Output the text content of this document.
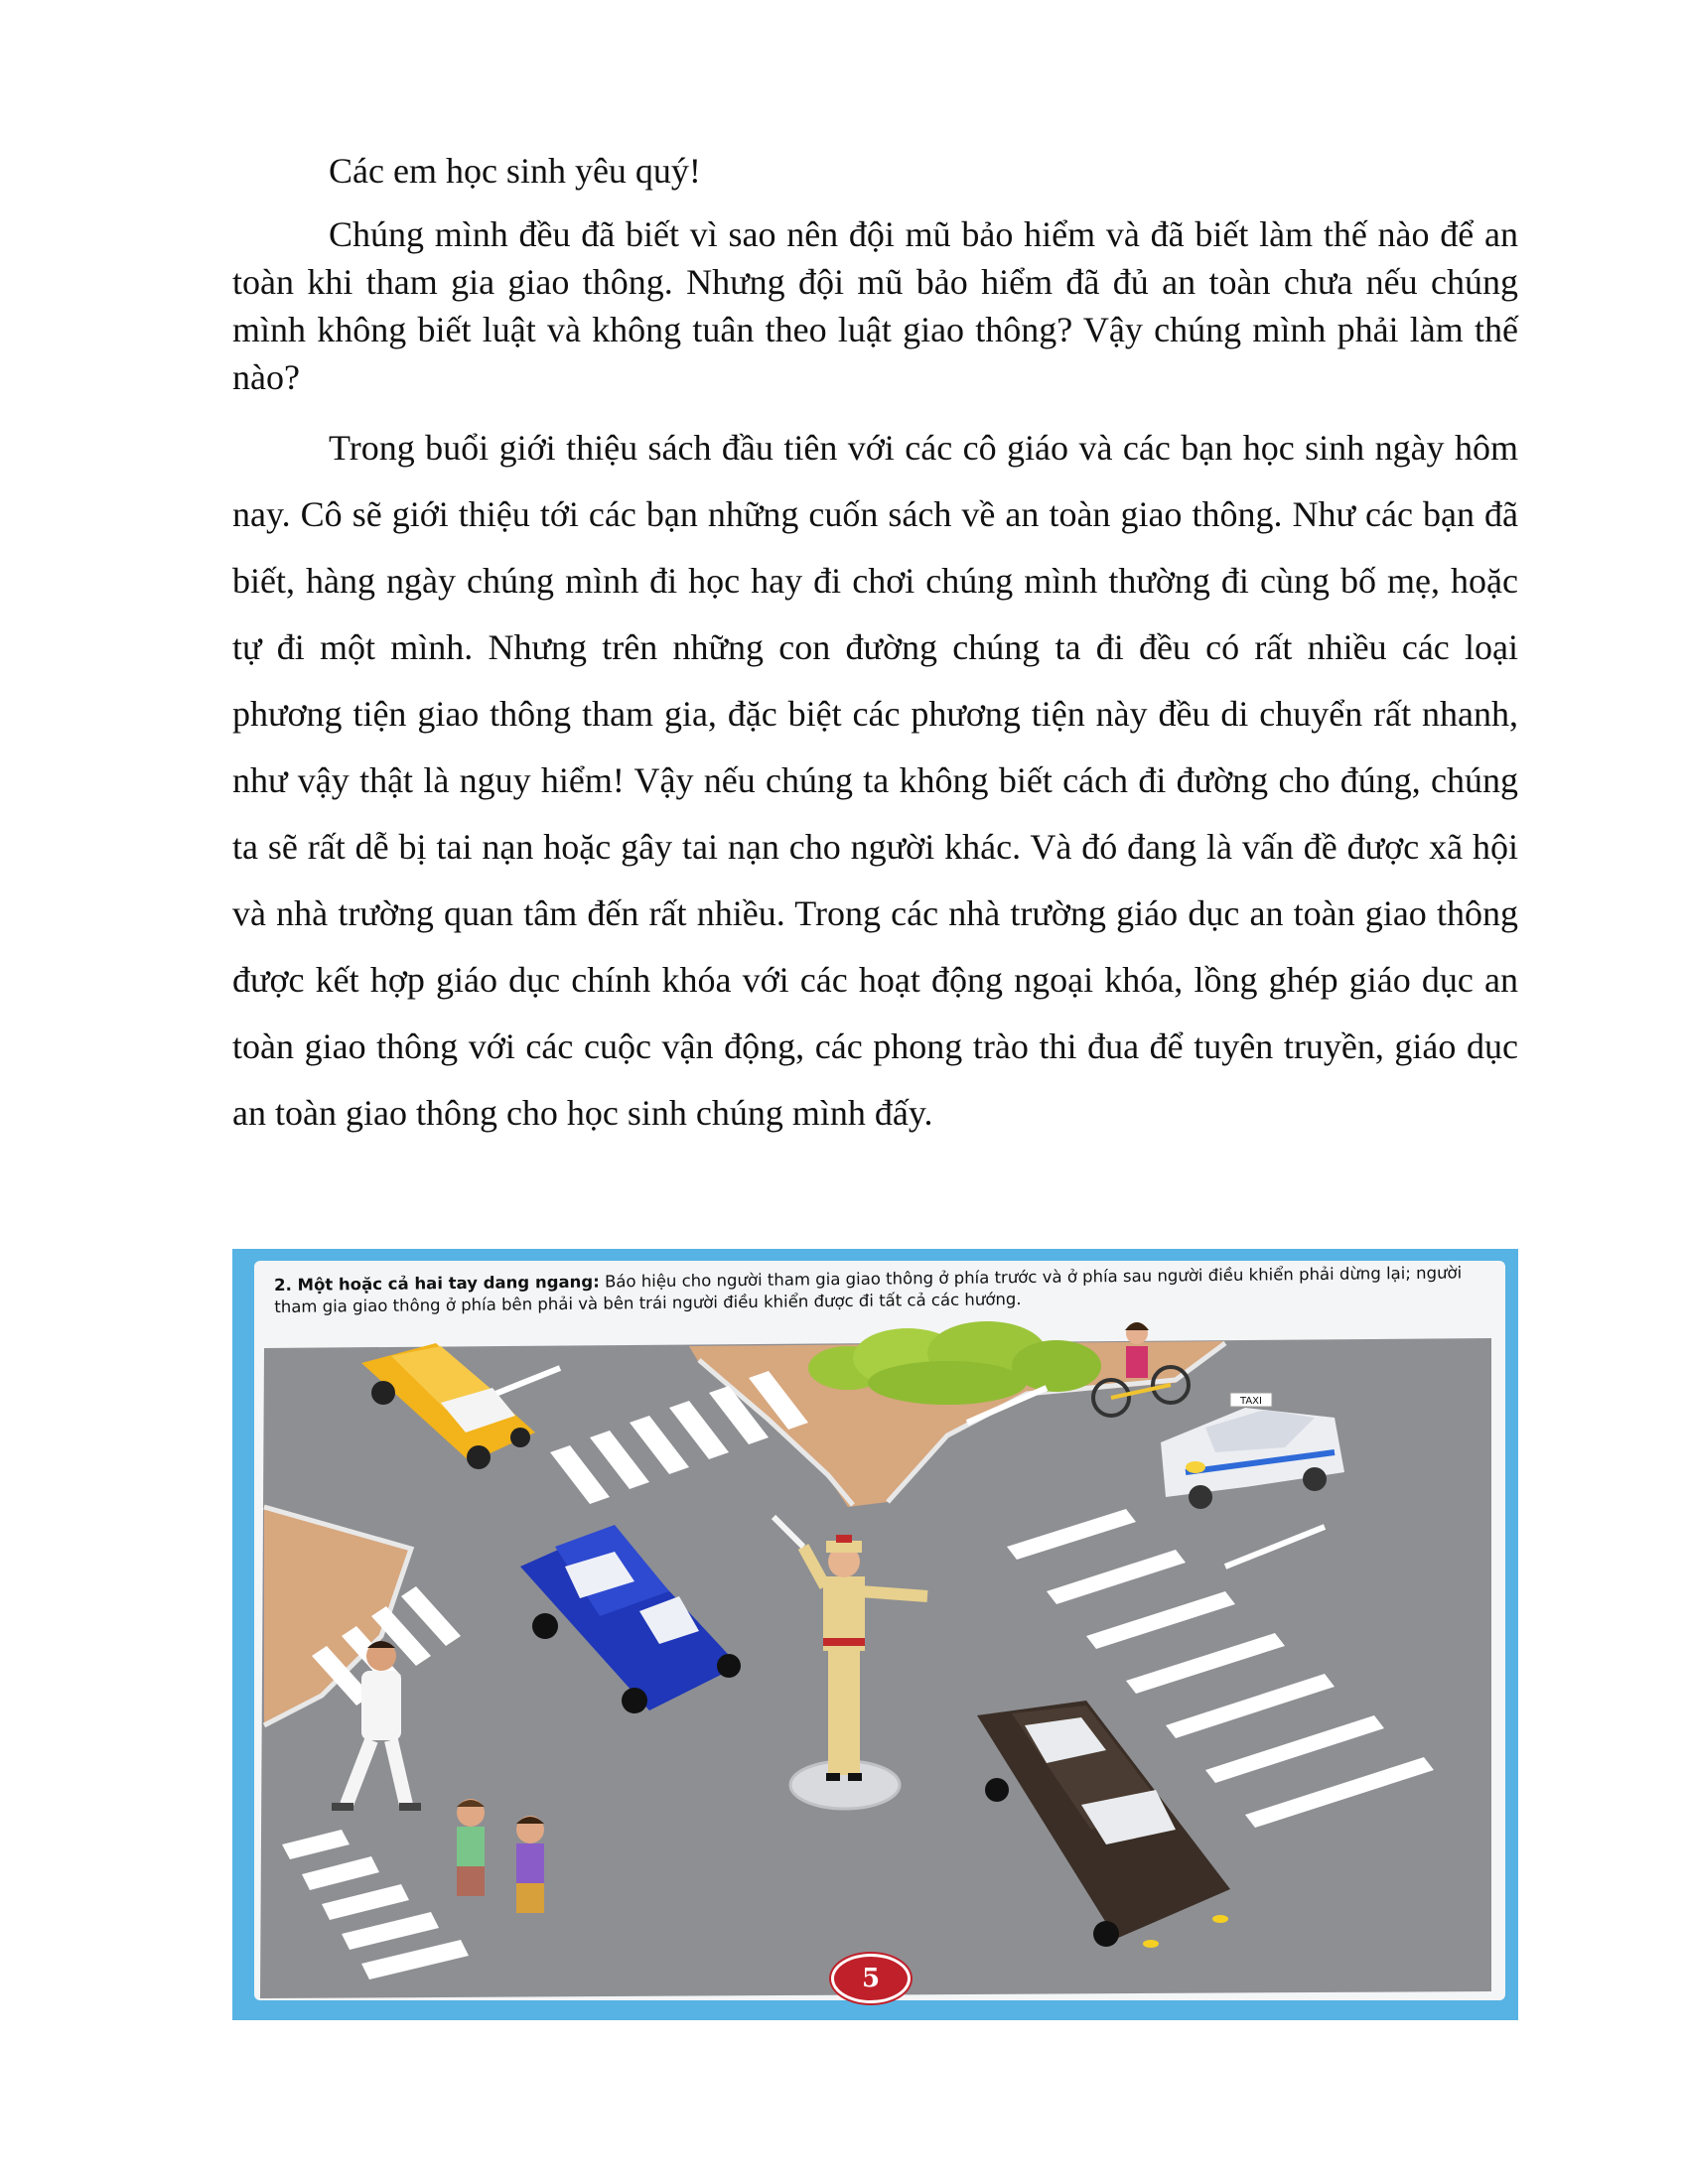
Các em học sinh yêu quý!

Chúng mình đều đã biết vì sao nên đội mũ bảo hiểm và đã biết làm thế nào để an toàn khi tham gia giao thông. Nhưng đội mũ bảo hiểm đã đủ an toàn chưa nếu chúng mình không biết luật và không tuân theo luật giao thông? Vậy chúng mình phải làm thế nào?

Trong buổi giới thiệu sách đầu tiên với các cô giáo và các bạn học sinh ngày hôm nay. Cô sẽ giới thiệu tới các bạn những cuốn sách về an toàn giao thông. Như các bạn đã biết, hàng ngày chúng mình đi học hay đi chơi chúng mình thường đi cùng bố mẹ, hoặc tự đi một mình. Nhưng trên những con đường chúng ta đi đều có rất nhiều các loại phương tiện giao thông tham gia, đặc biệt các phương tiện này đều di chuyển rất nhanh, như vậy thật là nguy hiểm! Vậy nếu chúng ta không biết cách đi đường cho đúng, chúng ta sẽ rất dễ bị tai nạn hoặc gây tai nạn cho người khác. Và đó đang là vấn đề được xã hội và nhà trường quan tâm đến rất nhiều. Trong các nhà trường giáo dục an toàn giao thông được kết hợp giáo dục chính khóa với các hoạt động ngoại khóa, lồng ghép giáo dục an toàn giao thông với các cuộc vận động, các phong trào thi đua để tuyên truyền, giáo dục an toàn giao thông cho học sinh chúng mình đấy.

TAXI
2. Một hoặc cả hai tay dang ngang: Báo hiệu cho người tham gia giao thông ở phía trước và ở phía sau người điều khiển phải dừng lại; người tham gia giao thông ở phía bên phải và bên trái người điều khiển được đi tất cả các hướng.
5
